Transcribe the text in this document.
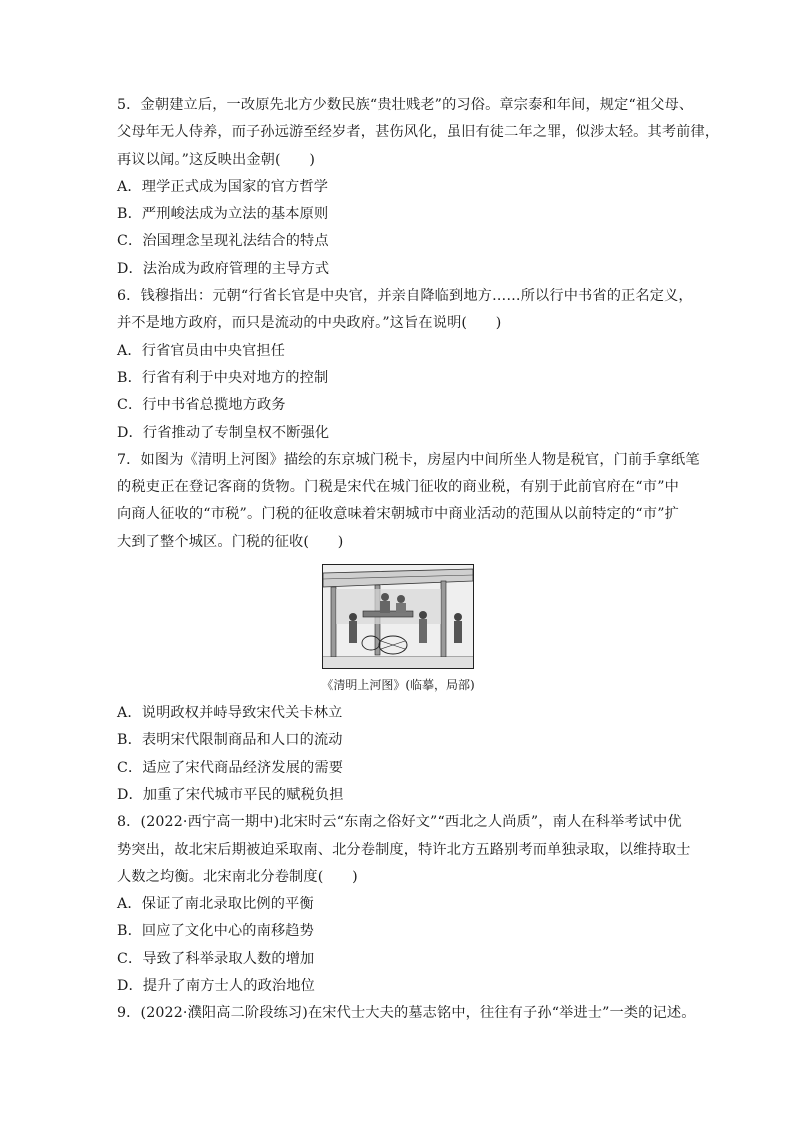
5．金朝建立后，一改原先北方少数民族“贵壮贱老”的习俗。章宗泰和年间，规定“祖父母、
父母年无人侍养，而子孙远游至经岁者，甚伤风化，虽旧有徒二年之罪，似涉太轻。其考前律，
再议以闻。”这反映出金朝(　　)
A．理学正式成为国家的官方哲学
B．严刑峻法成为立法的基本原则
C．治国理念呈现礼法结合的特点
D．法治成为政府管理的主导方式
6．钱穆指出：元朝“行省长官是中央官，并亲自降临到地方……所以行中书省的正名定义，
并不是地方政府，而只是流动的中央政府。”这旨在说明(　　)
A．行省官员由中央官担任
B．行省有利于中央对地方的控制
C．行中书省总揽地方政务
D．行省推动了专制皇权不断强化
7．如图为《清明上河图》描绘的东京城门税卡，房屋内中间所坐人物是税官，门前手拿纸笔
的税吏正在登记客商的货物。门税是宋代在城门征收的商业税，有别于此前官府在“市”中
向商人征收的“市税”。门税的征收意味着宋朝城市中商业活动的范围从以前特定的“市”扩
大到了整个城区。门税的征收(　　)
《清明上河图》(临摹，局部)
A．说明政权并峙导致宋代关卡林立
B．表明宋代限制商品和人口的流动
C．适应了宋代商品经济发展的需要
D．加重了宋代城市平民的赋税负担
8．(2022·西宁高一期中)北宋时云“东南之俗好文”“西北之人尚质”，南人在科举考试中优
势突出，故北宋后期被迫采取南、北分卷制度，特许北方五路别考而单独录取，以维持取士
人数之均衡。北宋南北分卷制度(　　)
A．保证了南北录取比例的平衡
B．回应了文化中心的南移趋势
C．导致了科举录取人数的增加
D．提升了南方士人的政治地位
9．(2022·濮阳高二阶段练习)在宋代士大夫的墓志铭中，往往有子孙“举进士”一类的记述。
